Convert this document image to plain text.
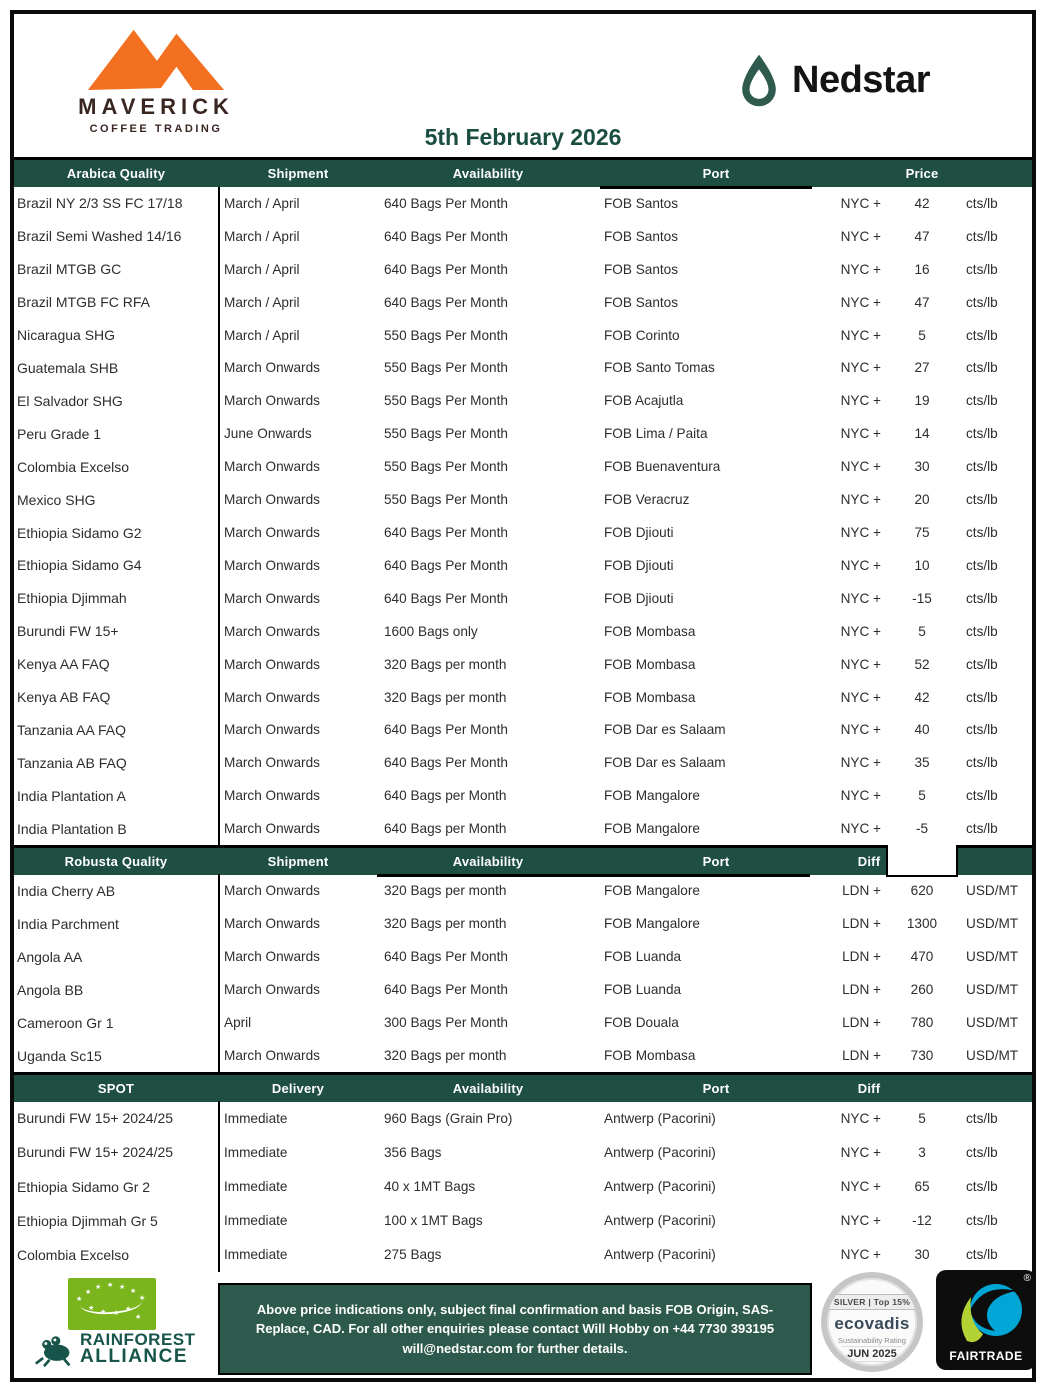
MAVERICK
COFFEE TRADING
Nedstar
5th February 2026
Arabica Quality	Shipment	Availability	Port	Price
Brazil NY 2/3 SS FC 17/18	March / April	640 Bags Per Month	FOB Santos	NYC +	42	cts/lb
Brazil Semi Washed 14/16	March / April	640 Bags Per Month	FOB Santos	NYC +	47	cts/lb
Brazil MTGB GC	March / April	640 Bags Per Month	FOB Santos	NYC +	16	cts/lb
Brazil MTGB FC RFA	March / April	640 Bags Per Month	FOB Santos	NYC +	47	cts/lb
Nicaragua SHG	March / April	550 Bags Per Month	FOB Corinto	NYC +	5	cts/lb
Guatemala SHB	March Onwards	550 Bags Per Month	FOB Santo Tomas	NYC +	27	cts/lb
El Salvador SHG	March Onwards	550 Bags Per Month	FOB Acajutla	NYC +	19	cts/lb
Peru Grade 1	June Onwards	550 Bags Per Month	FOB Lima / Paita	NYC +	14	cts/lb
Colombia Excelso	March Onwards	550 Bags Per Month	FOB Buenaventura	NYC +	30	cts/lb
Mexico SHG	March Onwards	550 Bags Per Month	FOB Veracruz	NYC +	20	cts/lb
Ethiopia Sidamo G2	March Onwards	640 Bags Per Month	FOB Djiouti	NYC +	75	cts/lb
Ethiopia Sidamo G4	March Onwards	640 Bags Per Month	FOB Djiouti	NYC +	10	cts/lb
Ethiopia Djimmah	March Onwards	640 Bags Per Month	FOB Djiouti	NYC +	-15	cts/lb
Burundi FW 15+	March Onwards	1600 Bags only	FOB Mombasa	NYC +	5	cts/lb
Kenya AA FAQ	March Onwards	320 Bags per month	FOB Mombasa	NYC +	52	cts/lb
Kenya AB FAQ	March Onwards	320 Bags per month	FOB Mombasa	NYC +	42	cts/lb
Tanzania AA FAQ	March Onwards	640 Bags Per Month	FOB Dar es Salaam	NYC +	40	cts/lb
Tanzania AB FAQ	March Onwards	640 Bags Per Month	FOB Dar es Salaam	NYC +	35	cts/lb
India Plantation A	March Onwards	640 Bags per Month	FOB Mangalore	NYC +	5	cts/lb
India Plantation B	March Onwards	640 Bags per Month	FOB Mangalore	NYC +	-5	cts/lb
Robusta Quality	Shipment	Availability	Port	Diff
India Cherry AB	March Onwards	320 Bags per month	FOB Mangalore	LDN +	620	USD/MT
India Parchment	March Onwards	320 Bags per month	FOB Mangalore	LDN +	1300	USD/MT
Angola AA	March Onwards	640 Bags Per Month	FOB Luanda	LDN +	470	USD/MT
Angola BB	March Onwards	640 Bags Per Month	FOB Luanda	LDN +	260	USD/MT
Cameroon Gr 1	April	300 Bags Per Month	FOB Douala	LDN +	780	USD/MT
Uganda Sc15	March Onwards	320 Bags per month	FOB Mombasa	LDN +	730	USD/MT
SPOT	Delivery	Availability	Port	Diff
Burundi FW 15+ 2024/25	Immediate	960 Bags (Grain Pro)	Antwerp (Pacorini)	NYC +	5	cts/lb
Burundi FW 15+ 2024/25	Immediate	356 Bags	Antwerp (Pacorini)	NYC +	3	cts/lb
Ethiopia Sidamo Gr 2	Immediate	40 x 1MT Bags	Antwerp (Pacorini)	NYC +	65	cts/lb
Ethiopia Djimmah Gr 5	Immediate	100 x 1MT Bags	Antwerp (Pacorini)	NYC +	-12	cts/lb
Colombia Excelso	Immediate	275 Bags	Antwerp (Pacorini)	NYC +	30	cts/lb
★
★
★ ★ ★
★
★
★
★ ★
★
★
RAINFOREST
ALLIANCE

Above price indications only, subject final confirmation and basis FOB Origin, SAS-Replace, CAD. For all other enquiries please contact Will Hobby on +44 7730 393195 will@nedstar.com for further details.

SILVER | Top 15%
ecovadis
Sustainability Rating
JUN 2025
®
FAIRTRADE
